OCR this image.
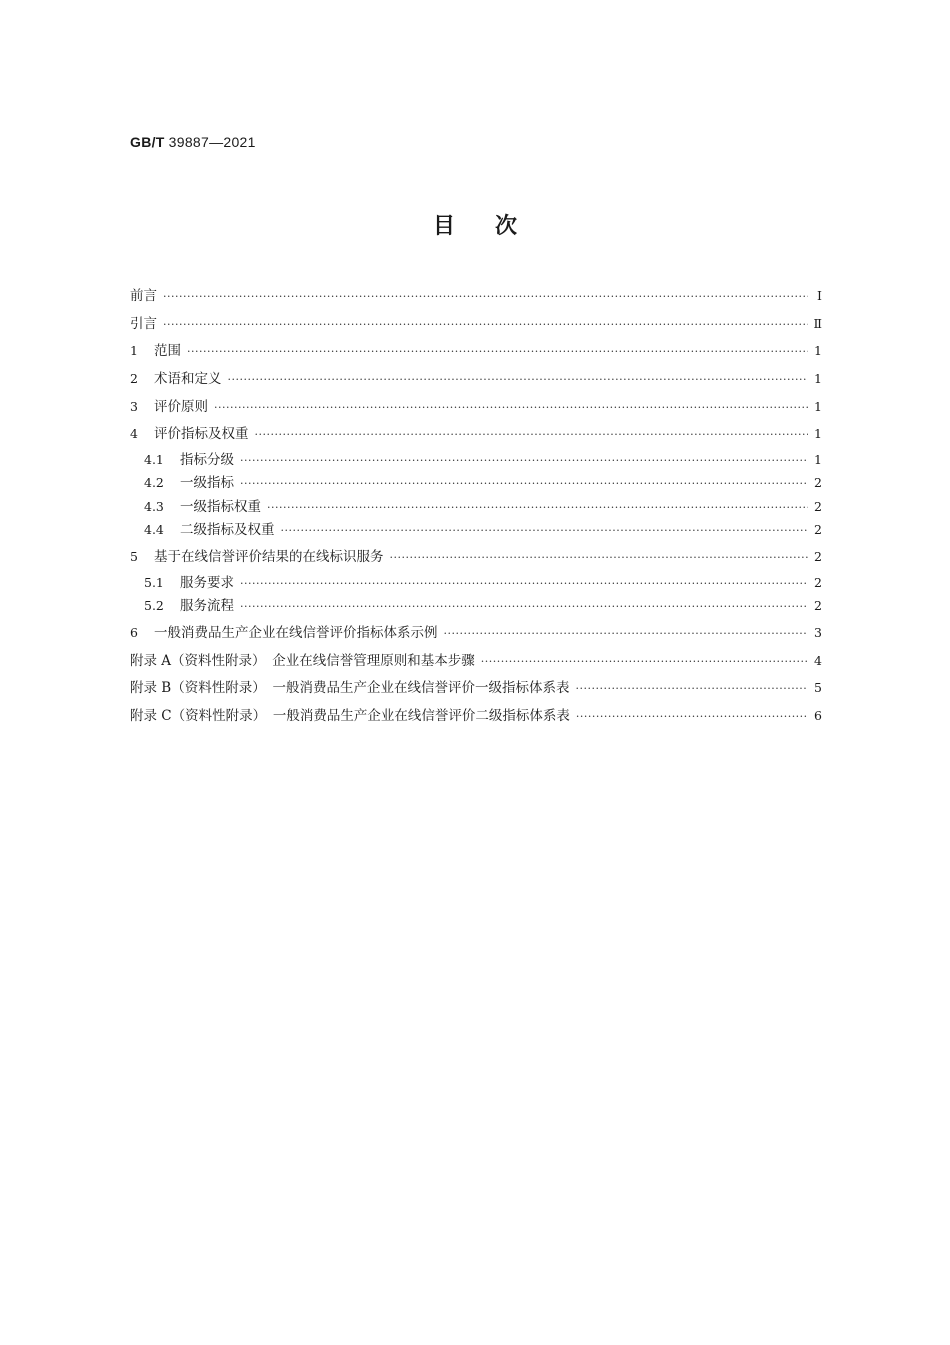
GB/T 39887—2021
目次
前言 ·····	Ⅰ
引言 ·····	Ⅱ
1	范围 ·····	1
2	术语和定义 ·····	1
3	评价原则 ·····	1
4	评价指标及权重 ·····	1
4.1	指标分级 ·····	1
4.2	一级指标 ·····	2
4.3	一级指标权重 ·····	2
4.4	二级指标及权重 ·····	2
5	基于在线信誉评价结果的在线标识服务 ·····	2
5.1	服务要求 ·····	2
5.2	服务流程 ·····	2
6	一般消费品生产企业在线信誉评价指标体系示例 ·····	3
附录 A（资料性附录）　企业在线信誉管理原则和基本步骤 ·····	4
附录 B（资料性附录）　一般消费品生产企业在线信誉评价一级指标体系表 ·····	5
附录 C（资料性附录）　一般消费品生产企业在线信誉评价二级指标体系表 ·····	6
